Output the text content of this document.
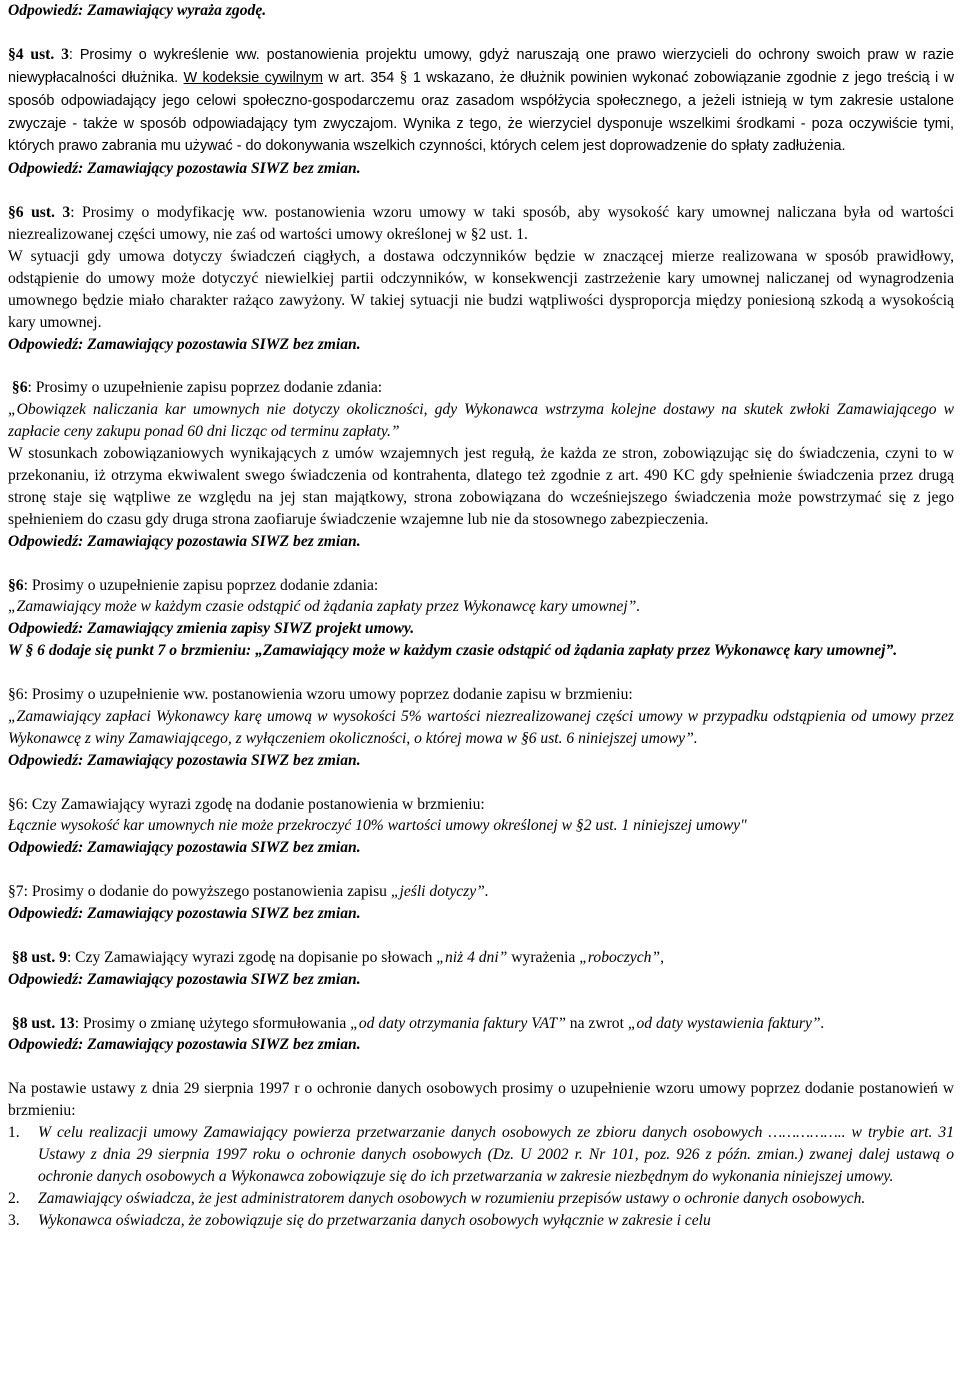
Odpowiedź: Zamawiający wyraża zgodę.

§4 ust. 3: Prosimy o wykreślenie ww. postanowienia projektu umowy, gdyż naruszają one prawo wierzycieli do ochrony swoich praw w razie niewypłacalności dłużnika. W kodeksie cywilnym w art. 354 § 1 wskazano, że dłużnik powinien wykonać zobowiązanie zgodnie z jego treścią i w sposób odpowiadający jego celowi społeczno-gospodarczemu oraz zasadom współżycia społecznego, a jeżeli istnieją w tym zakresie ustalone zwyczaje - także w sposób odpowiadający tym zwyczajom. Wynika z tego, że wierzyciel dysponuje wszelkimi środkami - poza oczywiście tymi, których prawo zabrania mu używać - do dokonywania wszelkich czynności, których celem jest doprowadzenie do spłaty zadłużenia.

Odpowiedź: Zamawiający pozostawia SIWZ bez zmian.

§6 ust. 3: Prosimy o modyfikację ww. postanowienia wzoru umowy w taki sposób, aby wysokość kary umownej naliczana była od wartości niezrealizowanej części umowy, nie zaś od wartości umowy określonej w §2 ust. 1.

W sytuacji gdy umowa dotyczy świadczeń ciągłych, a dostawa odczynników będzie w znaczącej mierze realizowana w sposób prawidłowy, odstąpienie do umowy może dotyczyć niewielkiej partii odczynników, w konsekwencji zastrzeżenie kary umownej naliczanej od wynagrodzenia umownego będzie miało charakter rażąco zawyżony. W takiej sytuacji nie budzi wątpliwości dysproporcja między poniesioną szkodą a wysokością kary umownej.

Odpowiedź: Zamawiający pozostawia SIWZ bez zmian.

§6: Prosimy o uzupełnienie zapisu poprzez dodanie zdania:

„Obowiązek naliczania kar umownych nie dotyczy okoliczności, gdy Wykonawca wstrzyma kolejne dostawy na skutek zwłoki Zamawiającego w zapłacie ceny zakupu ponad 60 dni licząc od terminu zapłaty.”

W stosunkach zobowiązaniowych wynikających z umów wzajemnych jest regułą, że każda ze stron, zobowiązując się do świadczenia, czyni to w przekonaniu, iż otrzyma ekwiwalent swego świadczenia od kontrahenta, dlatego też zgodnie z art. 490 KC gdy spełnienie świadczenia przez drugą stronę staje się wątpliwe ze względu na jej stan majątkowy, strona zobowiązana do wcześniejszego świadczenia może powstrzymać się z jego spełnieniem do czasu gdy druga strona zaofiaruje świadczenie wzajemne lub nie da stosownego zabezpieczenia.

Odpowiedź: Zamawiający pozostawia SIWZ bez zmian.

§6: Prosimy o uzupełnienie zapisu poprzez dodanie zdania:

„Zamawiający może w każdym czasie odstąpić od żądania zapłaty przez Wykonawcę kary umownej”.

Odpowiedź: Zamawiający zmienia zapisy SIWZ projekt umowy.

W § 6 dodaje się punkt 7 o brzmieniu: „Zamawiający może w każdym czasie odstąpić od żądania zapłaty przez Wykonawcę kary umownej”.

§6: Prosimy o uzupełnienie ww. postanowienia wzoru umowy poprzez dodanie zapisu w brzmieniu:

„Zamawiający zapłaci Wykonawcy karę umową w wysokości 5% wartości niezrealizowanej części umowy w przypadku odstąpienia od umowy przez Wykonawcę z winy Zamawiającego, z wyłączeniem okoliczności, o której mowa w §6 ust. 6 niniejszej umowy”.

Odpowiedź: Zamawiający pozostawia SIWZ bez zmian.

§6: Czy Zamawiający wyrazi zgodę na dodanie postanowienia w brzmieniu:

Łącznie wysokość kar umownych nie może przekroczyć 10% wartości umowy określonej w §2 ust. 1 niniejszej umowy"

Odpowiedź: Zamawiający pozostawia SIWZ bez zmian.

§7: Prosimy o dodanie do powyższego postanowienia zapisu „jeśli dotyczy”.

Odpowiedź: Zamawiający pozostawia SIWZ bez zmian.

§8 ust. 9: Czy Zamawiający wyrazi zgodę na dopisanie po słowach „niż 4 dni” wyrażenia „roboczych”,

Odpowiedź: Zamawiający pozostawia SIWZ bez zmian.

§8 ust. 13: Prosimy o zmianę użytego sformułowania „od daty otrzymania faktury VAT” na zwrot „od daty wystawienia faktury”.

Odpowiedź: Zamawiający pozostawia SIWZ bez zmian.

Na postawie ustawy z dnia 29 sierpnia 1997 r o ochronie danych osobowych prosimy o uzupełnienie wzoru umowy poprzez dodanie postanowień w brzmieniu:

1.	W celu realizacji umowy Zamawiający powierza przetwarzanie danych osobowych ze zbioru danych osobowych …………….. w trybie art. 31 Ustawy z dnia 29 sierpnia 1997 roku o ochronie danych osobowych (Dz. U 2002 r. Nr 101, poz. 926 z późn. zmian.) zwanej dalej ustawą o ochronie danych osobowych a Wykonawca zobowiązuje się do ich przetwarzania w zakresie niezbędnym do wykonania niniejszej umowy.
2.	Zamawiający oświadcza, że jest administratorem danych osobowych w rozumieniu przepisów ustawy o ochronie danych osobowych.
3.	Wykonawca oświadcza, że zobowiązuje się do przetwarzania danych osobowych wyłącznie w zakresie i celu
